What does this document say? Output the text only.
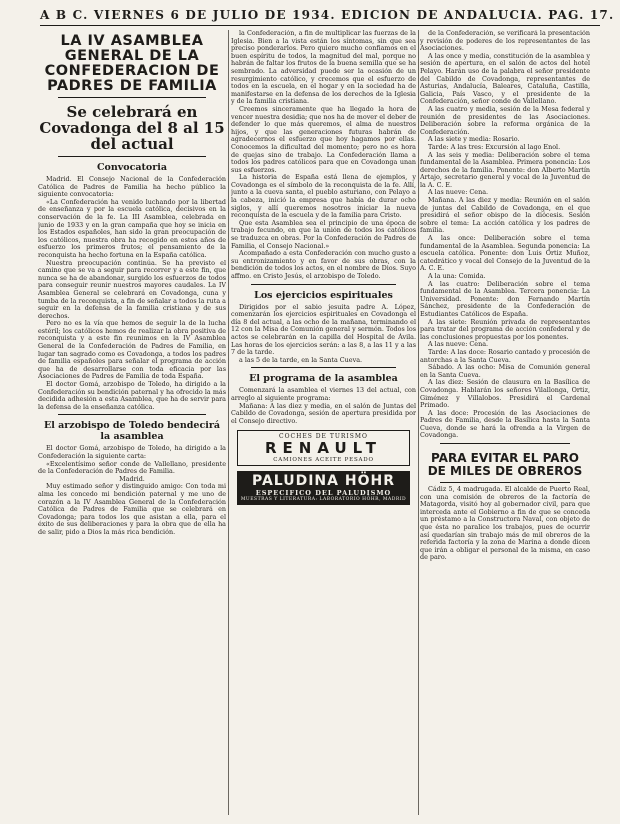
A B C. VIERNES 6 DE JULIO DE 1934. EDICION DE ANDALUCIA. PAG. 17.
LA IV ASAMBLEA GENERAL DE LA CONFEDERACION DE PADRES DE FAMILIA
Se celebrará en Covadonga del 8 al 15 del actual
Convocatoria

Madrid. El Consejo Nacional de la Confederación Católica de Padres de Familia ha hecho público la siguiente convocatoria:

«La Confederación ha venido luchando por la libertad de enseñanza y por la escuela católica, decisivos en la conservación de la fe. La III Asamblea, celebrada en junio de 1933 y en la gran campaña que hoy se inicia en los Estados españoles, han sido la gran preocupación de los católicos, nuestra obra ha recogido en estos años de esfuerzo los primeros frutos; el pensamiento de la reconquista ha hecho fortuna en la España católica.

Nuestra preocupación continúa. Se ha previsto el camino que se va a seguir para recorrer y a este fin, que nunca se ha de abandonar, surgido los esfuerzos de todos para conseguir reunir nuestros mayores caudales. La IV Asamblea General se celebrará en Covadonga, cuna y tumba de la reconquista, a fin de señalar a todos la ruta a seguir en la defensa de la familia cristiana y de sus derechos.

Pero no es la vía que hemos de seguir la de la lucha estéril; los católicos hemos de realizar la obra positiva de reconquista y a este fin reunimos en la IV Asamblea General de la Confederación de Padres de Familia, en lugar tan sagrado como es Covadonga, a todos los padres de familia españoles para señalar el programa de acción que ha de desarrollarse con toda eficacia por las Asociaciones de Padres de Familia de toda España.

El doctor Gomá, arzobispo de Toledo, ha dirigido a la Confederación su bendición paternal y ha ofrecido la más decidida adhesión a esta Asamblea, que ha de servir para la defensa de la enseñanza católica.

El arzobispo de Toledo bendecirá la asamblea

El doctor Gomá, arzobispo de Toledo, ha dirigido a la Confederación la siguiente carta:

«Excelentísimo señor conde de Vallellano, presidente de la Confederación de Padres de Familia.

Madrid.

Muy estimado señor y distinguido amigo: Con toda mi alma les concedo mi bendición paternal y me uno de corazón a la IV Asamblea General de la Confederación Católica de Padres de Familia que se celebrará en Covadonga; para todos los que asistan a ella, para el éxito de sus deliberaciones y para la obra que de ella ha de salir, pido a Dios la más rica bendición.

la Confederación, a fin de multiplicar las fuerzas de la Iglesia. Bien a la vista están los síntomas, sin que sea preciso ponderarlos. Pero quiero mucho confiamos en el buen espíritu de todos, la magnitud del mal, porque no habrán de faltar los frutos de la buena semilla que se ha sembrado. La adversidad puede ser la ocasión de un resurgimiento católico, y crecemos que el esfuerzo de todos en la escuela, en el hogar y en la sociedad ha de manifestarse en la defensa de los derechos de la Iglesia y de la familia cristiana.

Creemos sinceramente que ha llegado la hora de vencer nuestra desidia; que nos ha de mover el deber de defender lo que más queremos, el alma de nuestros hijos, y que las generaciones futuras habrán de agradecernos el esfuerzo que hoy hagamos por ellas. Conocemos la dificultad del momento; pero no es hora de quejas sino de trabajo. La Confederación llama a todos los padres católicos para que en Covadonga unan sus esfuerzos.

La historia de España está llena de ejemplos, y Covadonga es el símbolo de la reconquista de la fe. Allí, junto a la cueva santa, el pueblo asturiano, con Pelayo a la cabeza, inició la empresa que había de durar ocho siglos, y allí queremos nosotros iniciar la nueva reconquista de la escuela y de la familia para Cristo.

Que esta Asamblea sea el principio de una época de trabajo fecundo, en que la unión de todos los católicos se traduzca en obras. Por la Confederación de Padres de Familia, el Consejo Nacional.»

Acompañado a esta Confederación con mucho gusto a su entronizamiento y en favor de sus obras, con la bendición de todos los actos, en el nombre de Dios. Suyo affmo. en Cristo Jesús, el arzobispo de Toledo.

Los ejercicios espirituales

Dirigidos por el sabio jesuita padre A. López, comenzarán los ejercicios espirituales en Covadonga el día 8 del actual, a las ocho de la mañana, terminando el 12 con la Misa de Comunión general y sermón. Todos los actos se celebrarán en la capilla del Hospital de Ávila. Las horas de los ejercicios serán: a las 8, a las 11 y a las 7 de la tarde.

a las 5 de la tarde, en la Santa Cueva.

El programa de la asamblea

Comenzará la asamblea el viernes 13 del actual, con arreglo al siguiente programa:

Mañana: A las diez y media, en el salón de Juntas del Cabildo de Covadonga, sesión de apertura presidida por el Consejo directivo.

COCHES DE TURISMO
RENAULT
CAMIONES ACEITE PESADO
PALUDINA HÖHR
ESPECIFICO DEL PALUDISMO
MUESTRAS Y LITERATURA: LABORATORIO HÖHR, MADRID

de la Confederación, se verificará la presentación y revisión de poderes de los representantes de las Asociaciones.

A las once y media, constitución de la asamblea y sesión de apertura, en el salón de actos del hotel Pelayo. Harán uso de la palabra el señor presidente del Cabildo de Covadonga, representantes de Asturias, Andalucía, Baleares, Cataluña, Castilla, Galicia, País Vasco, y el presidente de la Confederación, señor conde de Vallellano.

A las cuatro y media, sesión de la Mesa federal y reunión de presidentes de las Asociaciones. Deliberación sobre la reforma orgánica de la Confederación.

A las siete y media: Rosario.

Tarde: A las tres: Excursión al lago Enol.

A las seis y media: Deliberación sobre el tema fundamental de la Asamblea. Primera ponencia: Los derechos de la familia. Ponente: don Alberto Martín Artajo, secretario general y vocal de la Juventud de la A. C. E.

A las nueve: Cena.

Mañana. A las diez y media: Reunión en el salón de juntas del Cabildo de Covadonga, en el que presidirá el señor obispo de la diócesis. Sesión sobre el tema: La acción católica y los padres de familia.

A las once: Deliberación sobre el tema fundamental de la Asamblea. Segunda ponencia: La escuela católica. Ponente: don Luis Ortiz Muñoz, catedrático y vocal del Consejo de la Juventud de la A. C. E.

A la una: Comida.

A las cuatro: Deliberación sobre el tema fundamental de la Asamblea. Tercera ponencia: La Universidad. Ponente: don Fernando Martín Sánchez, presidente de la Confederación de Estudiantes Católicos de España.

A las siete: Reunión privada de representantes para tratar del programa de acción confederal y de las conclusiones propuestas por los ponentes.

A las nueve: Cena.

Tarde: A las doce: Rosario cantado y procesión de antorchas a la Santa Cueva.

Sábado. A las ocho: Misa de Comunión general en la Santa Cueva.

A las diez: Sesión de clausura en la Basílica de Covadonga. Hablarán los señores Vilallonga, Ortiz, Giménez y Villalobos. Presidirá el Cardenal Primado.

A las doce: Procesión de las Asociaciones de Padres de Familia, desde la Basílica hasta la Santa Cueva, donde se hará la ofrenda a la Virgen de Covadonga.

PARA EVITAR EL PARO DE MILES DE OBREROS

Cádiz 5, 4 madrugada. El alcalde de Puerto Real, con una comisión de obreros de la factoría de Matagorda, visitó hoy al gobernador civil, para que interceda ante el Gobierno a fin de que se conceda un préstamo a la Constructora Naval, con objeto de que ésta no paralice los trabajos, pues de ocurrir así quedarían sin trabajo más de mil obreros de la referida factoría y la zona de Marina a donde dicen que irán a obligar el personal de la misma, en caso de paro.
